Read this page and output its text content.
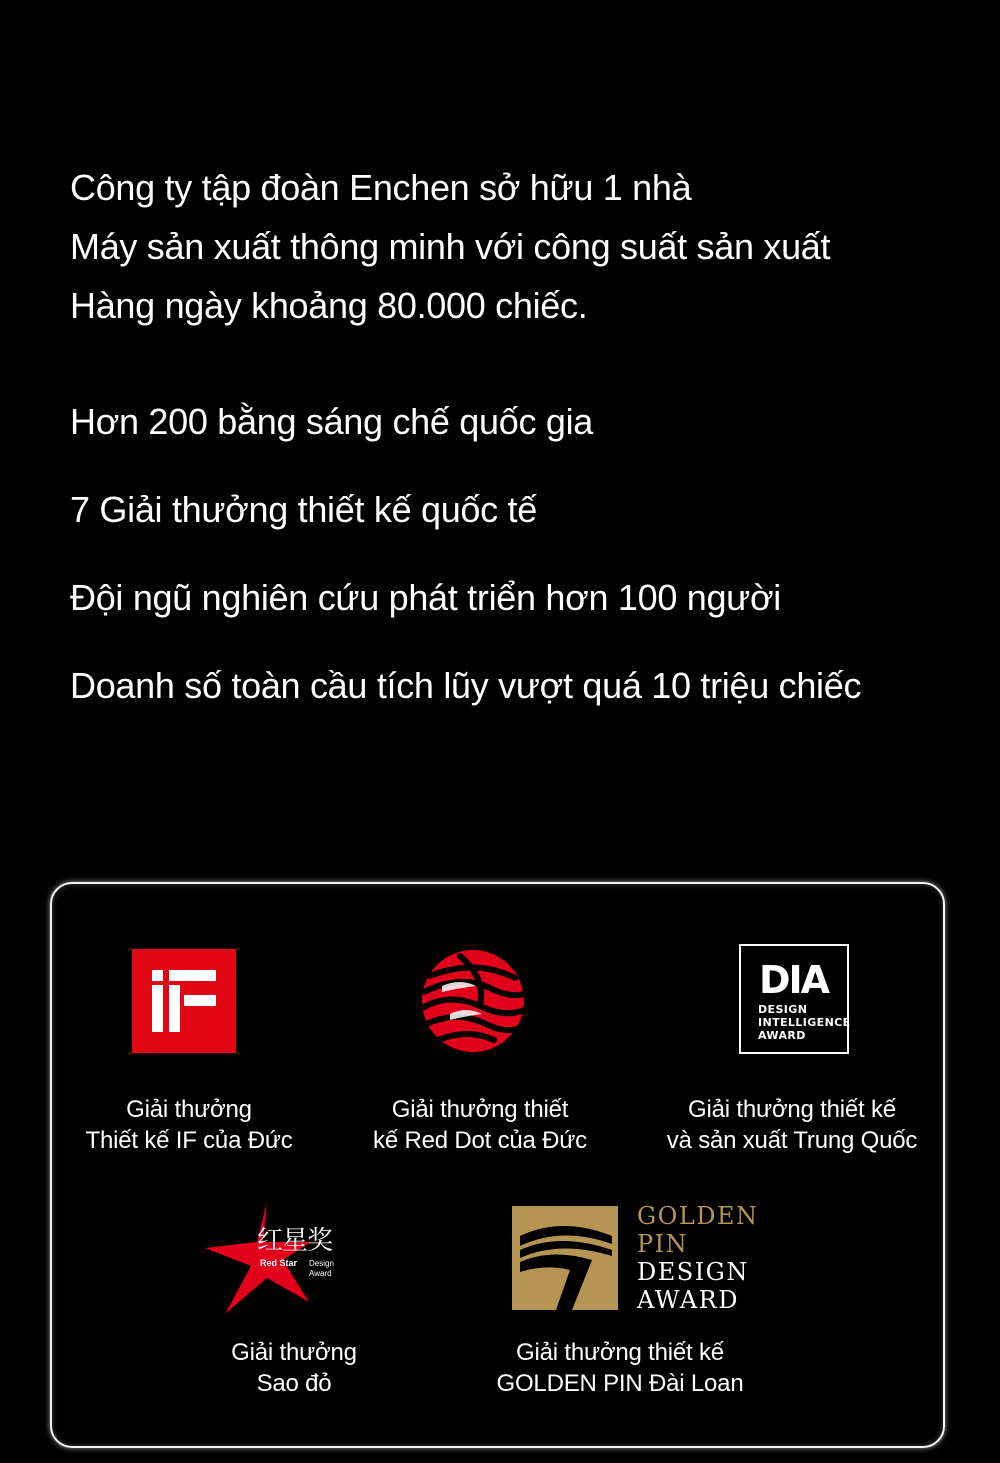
Công ty tập đoàn Enchen sở hữu 1 nhà
Máy sản xuất thông minh với công suất sản xuất
Hàng ngày khoảng 80.000 chiếc.
Hơn 200 bằng sáng chế quốc gia
7 Giải thưởng thiết kế quốc tế
Đội ngũ nghiên cứu phát triển hơn 100 người
Doanh số toàn cầu tích lũy vượt quá 10 triệu chiếc
Giải thưởng
Thiết kế IF của Đức
Giải thưởng thiết
kế Red Dot của Đức
DIA
DESIGN
INTELLIGENCE
AWARD
Giải thưởng thiết kế
và sản xuất Trung Quốc
红星奖
Red Star Design Award
Giải thưởng
Sao đỏ
GOLDEN
PIN
DESIGN
AWARD
Giải thưởng thiết kế
GOLDEN PIN Đài Loan
